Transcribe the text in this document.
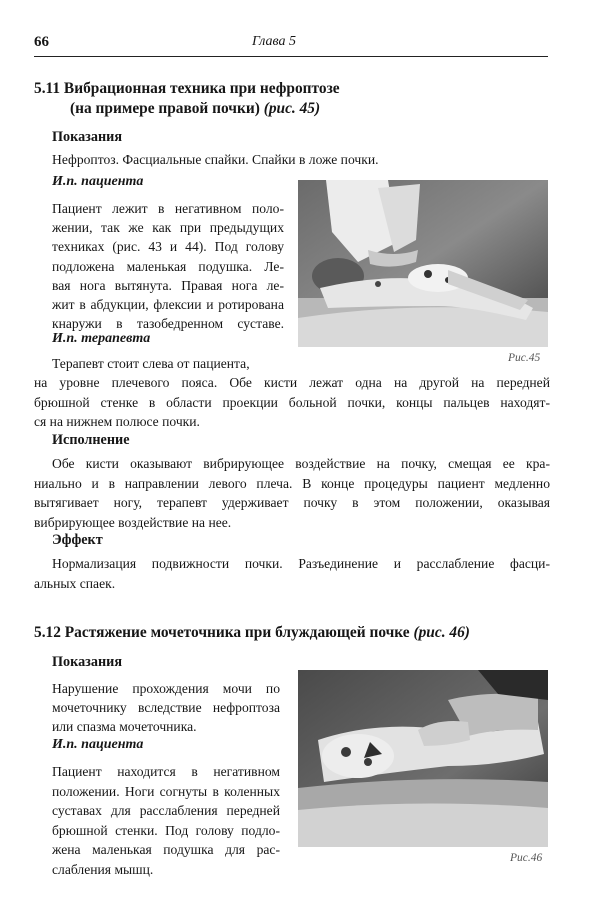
66	Глава 5
5.11 Вибрационная техника при нефроптозе
(на примере правой почки) (рис. 45)
Показания
Нефроптоз. Фасциальные спайки. Спайки в ложе почки.
И.п. пациента
Пациент лежит в негативном поло-
жении, так же как при предыдущих
техниках (рис. 43 и 44). Под голову
подложена маленькая подушка. Ле-
вая нога вытянута. Правая нога ле-
жит в абдукции, флексии и ротирована
кнаружи в тазобедренном суставе.
И.п. терапевта
Терапевт стоит слева от пациента,
на уровне плечевого пояса. Обе кисти лежат одна на другой на передней
брюшной стенке в области проекции больной почки, концы пальцев находят-
ся на нижнем полюсе почки.
Исполнение
Обе кисти оказывают вибрирующее воздействие на почку, смещая ее кра-
ниально и в направлении левого плеча. В конце процедуры пациент медленно
вытягивает ногу, терапевт удерживает почку в этом положении, оказывая
вибрирующее воздействие на нее.
Эффект
Нормализация подвижности почки. Разъединение и расслабление фасци-
альных спаек.
Рис.45
5.12 Растяжение мочеточника при блуждающей почке (рис. 46)
Показания
Нарушение прохождения мочи по
мочеточнику вследствие нефроптоза
или спазма мочеточника.
И.п. пациента
Пациент находится в негативном
положении. Ноги согнуты в коленных
суставах для расслабления передней
брюшной стенки. Под голову подло-
жена маленькая подушка для рас-
слабления мышц.
Рис.46
